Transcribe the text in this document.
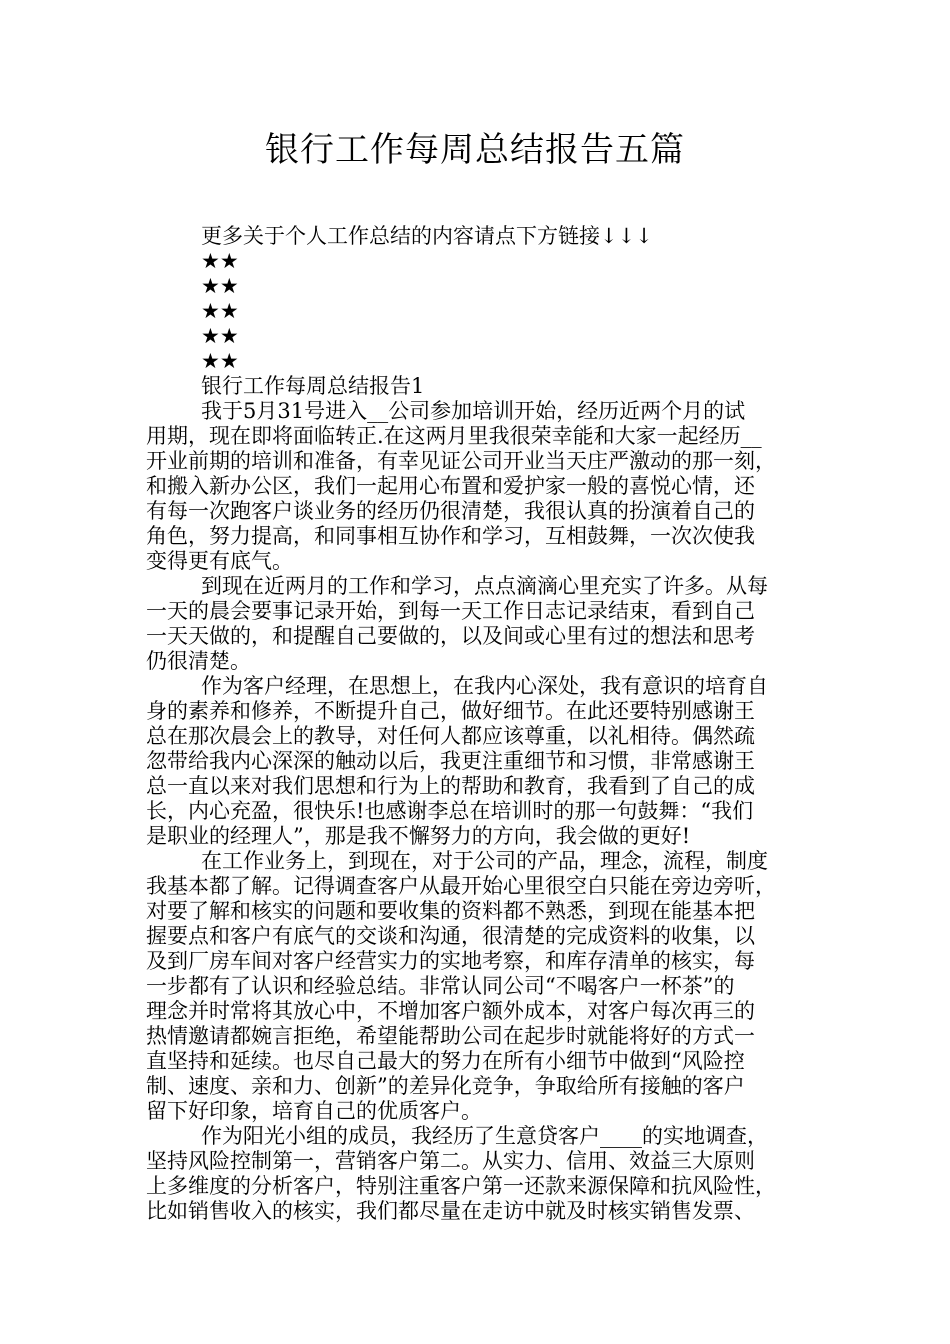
银行工作每周总结报告五篇
更多关于个人工作总结的内容请点下方链接↓↓↓
★★
★★
★★
★★
★★
银行工作每周总结报告1
我于5月31号进入__公司参加培训开始，经历近两个月的试
用期，现在即将面临转正.在这两月里我很荣幸能和大家一起经历__
开业前期的培训和准备，有幸见证公司开业当天庄严激动的那一刻，
和搬入新办公区，我们一起用心布置和爱护家一般的喜悦心情，还
有每一次跑客户谈业务的经历仍很清楚，我很认真的扮演着自己的
角色，努力提高，和同事相互协作和学习，互相鼓舞，一次次使我
变得更有底气。
到现在近两月的工作和学习，点点滴滴心里充实了许多。从每
一天的晨会要事记录开始，到每一天工作日志记录结束，看到自己
一天天做的，和提醒自己要做的，以及间或心里有过的想法和思考
仍很清楚。
作为客户经理，在思想上，在我内心深处，我有意识的培育自
身的素养和修养，不断提升自己，做好细节。在此还要特别感谢王
总在那次晨会上的教导，对任何人都应该尊重，以礼相待。偶然疏
忽带给我内心深深的触动以后，我更注重细节和习惯，非常感谢王
总一直以来对我们思想和行为上的帮助和教育，我看到了自己的成
长，内心充盈，很快乐!也感谢李总在培训时的那一句鼓舞：“我们
是职业的经理人”，那是我不懈努力的方向，我会做的更好!
在工作业务上，到现在，对于公司的产品，理念，流程，制度
我基本都了解。记得调查客户从最开始心里很空白只能在旁边旁听，
对要了解和核实的问题和要收集的资料都不熟悉，到现在能基本把
握要点和客户有底气的交谈和沟通，很清楚的完成资料的收集，以
及到厂房车间对客户经营实力的实地考察，和库存清单的核实，每
一步都有了认识和经验总结。非常认同公司“不喝客户一杯茶”的
理念并时常将其放心中，不增加客户额外成本，对客户每次再三的
热情邀请都婉言拒绝，希望能帮助公司在起步时就能将好的方式一
直坚持和延续。也尽自己最大的努力在所有小细节中做到“风险控
制、速度、亲和力、创新”的差异化竞争，争取给所有接触的客户
留下好印象，培育自己的优质客户。
作为阳光小组的成员，我经历了生意贷客户____的实地调查，
坚持风险控制第一，营销客户第二。从实力、信用、效益三大原则
上多维度的分析客户，特别注重客户第一还款来源保障和抗风险性，
比如销售收入的核实，我们都尽量在走访中就及时核实销售发票、
